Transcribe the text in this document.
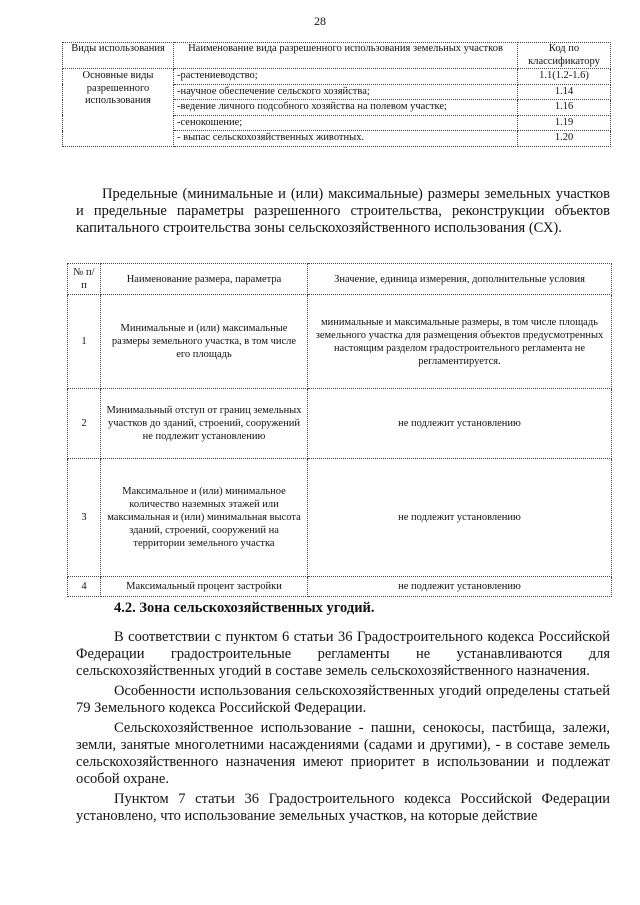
28
Виды использования	Наименование вида разрешенного использования земельных участков	Код по классификатору
Основные виды разрешенного использования	-растениеводство;	1.1(1.2-1.6)
	-научное обеспечение сельского хозяйства;	1.14
	-ведение личного подсобного хозяйства на полевом участке;	1.16
	-сенокошение;	1.19
	- выпас сельскохозяйственных животных.	1.20
Предельные (минимальные и (или) максимальные) размеры земельных участков и предельные параметры разрешенного строительства, реконструкции объектов капитального строительства зоны сельскохозяйственного использования (СХ).
№ п/п	Наименование размера, параметра	Значение, единица измерения, дополнительные условия
1	Минимальные и (или) максимальные размеры земельного участка, в том числе его площадь	минимальные и максимальные размеры, в том числе площадь земельного участка для размещения объектов предусмотренных настоящим разделом градостроительного регламента не регламентируется.
2	Минимальный отступ от границ земельных участков до зданий, строений, сооружений не подлежит установлению	не подлежит установлению
3	Максимальное и (или) минимальное количество наземных этажей или максимальная и (или) минимальная высота зданий, строений, сооружений на территории земельного участка	не подлежит установлению
4	Максимальный процент застройки	не подлежит установлению
4.2. Зона сельскохозяйственных угодий.

В соответствии с пунктом 6 статьи 36 Градостроительного кодекса Российской Федерации градостроительные регламенты не устанавливаются для сельскохозяйственных угодий в составе земель сельскохозяйственного назначения.

Особенности использования сельскохозяйственных угодий определены статьей 79 Земельного кодекса Российской Федерации.

Сельскохозяйственное использование - пашни, сенокосы, пастбища, залежи, земли, занятые многолетними насаждениями (садами и другими), - в составе земель сельскохозяйственного назначения имеют приоритет в использовании и подлежат особой охране.

Пунктом 7 статьи 36 Градостроительного кодекса Российской Федерации установлено, что использование земельных участков, на которые действие
